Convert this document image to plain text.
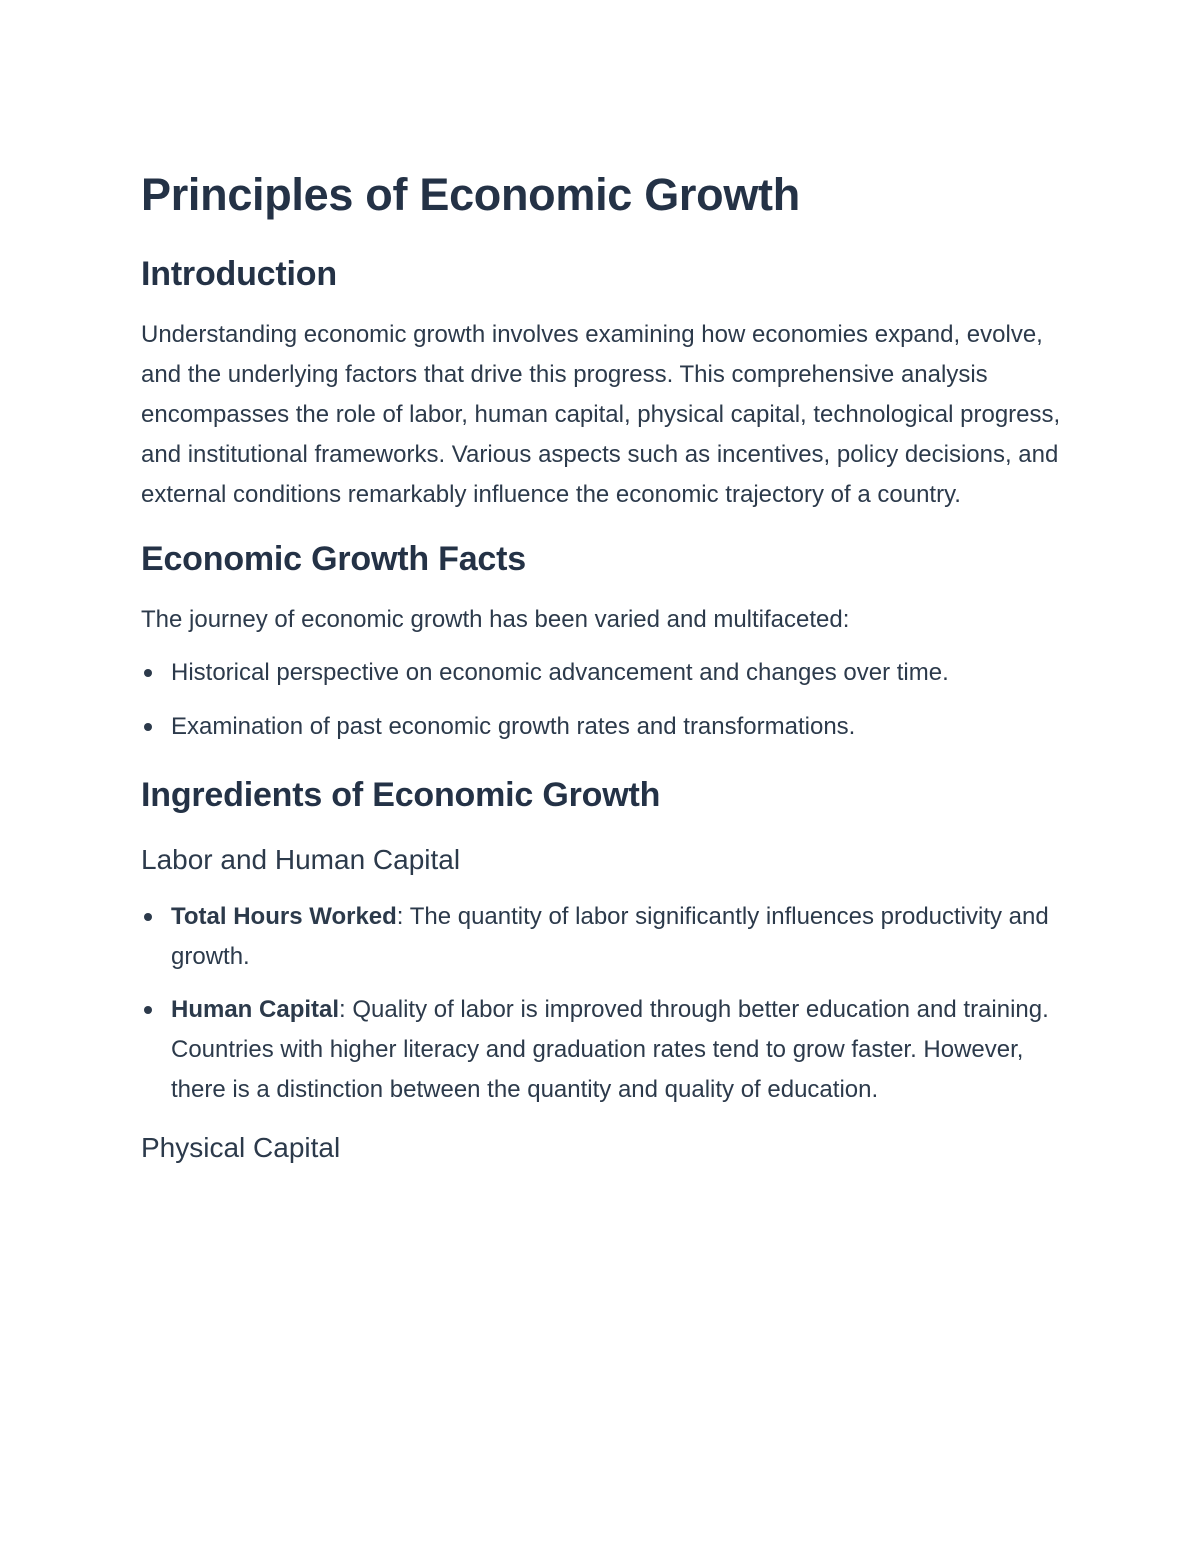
Principles of Economic Growth
Introduction

Understanding economic growth involves examining how economies expand, evolve, and the underlying factors that drive this progress. This comprehensive analysis encompasses the role of labor, human capital, physical capital, technological progress, and institutional frameworks. Various aspects such as incentives, policy decisions, and external conditions remarkably influence the economic trajectory of a country.

Economic Growth Facts

The journey of economic growth has been varied and multifaceted:

Historical perspective on economic advancement and changes over time.
Examination of past economic growth rates and transformations.
Ingredients of Economic Growth
Labor and Human Capital
Total Hours Worked: The quantity of labor significantly influences productivity and growth.
Human Capital: Quality of labor is improved through better education and training. Countries with higher literacy and graduation rates tend to grow faster. However, there is a distinction between the quantity and quality of education.
Physical Capital
